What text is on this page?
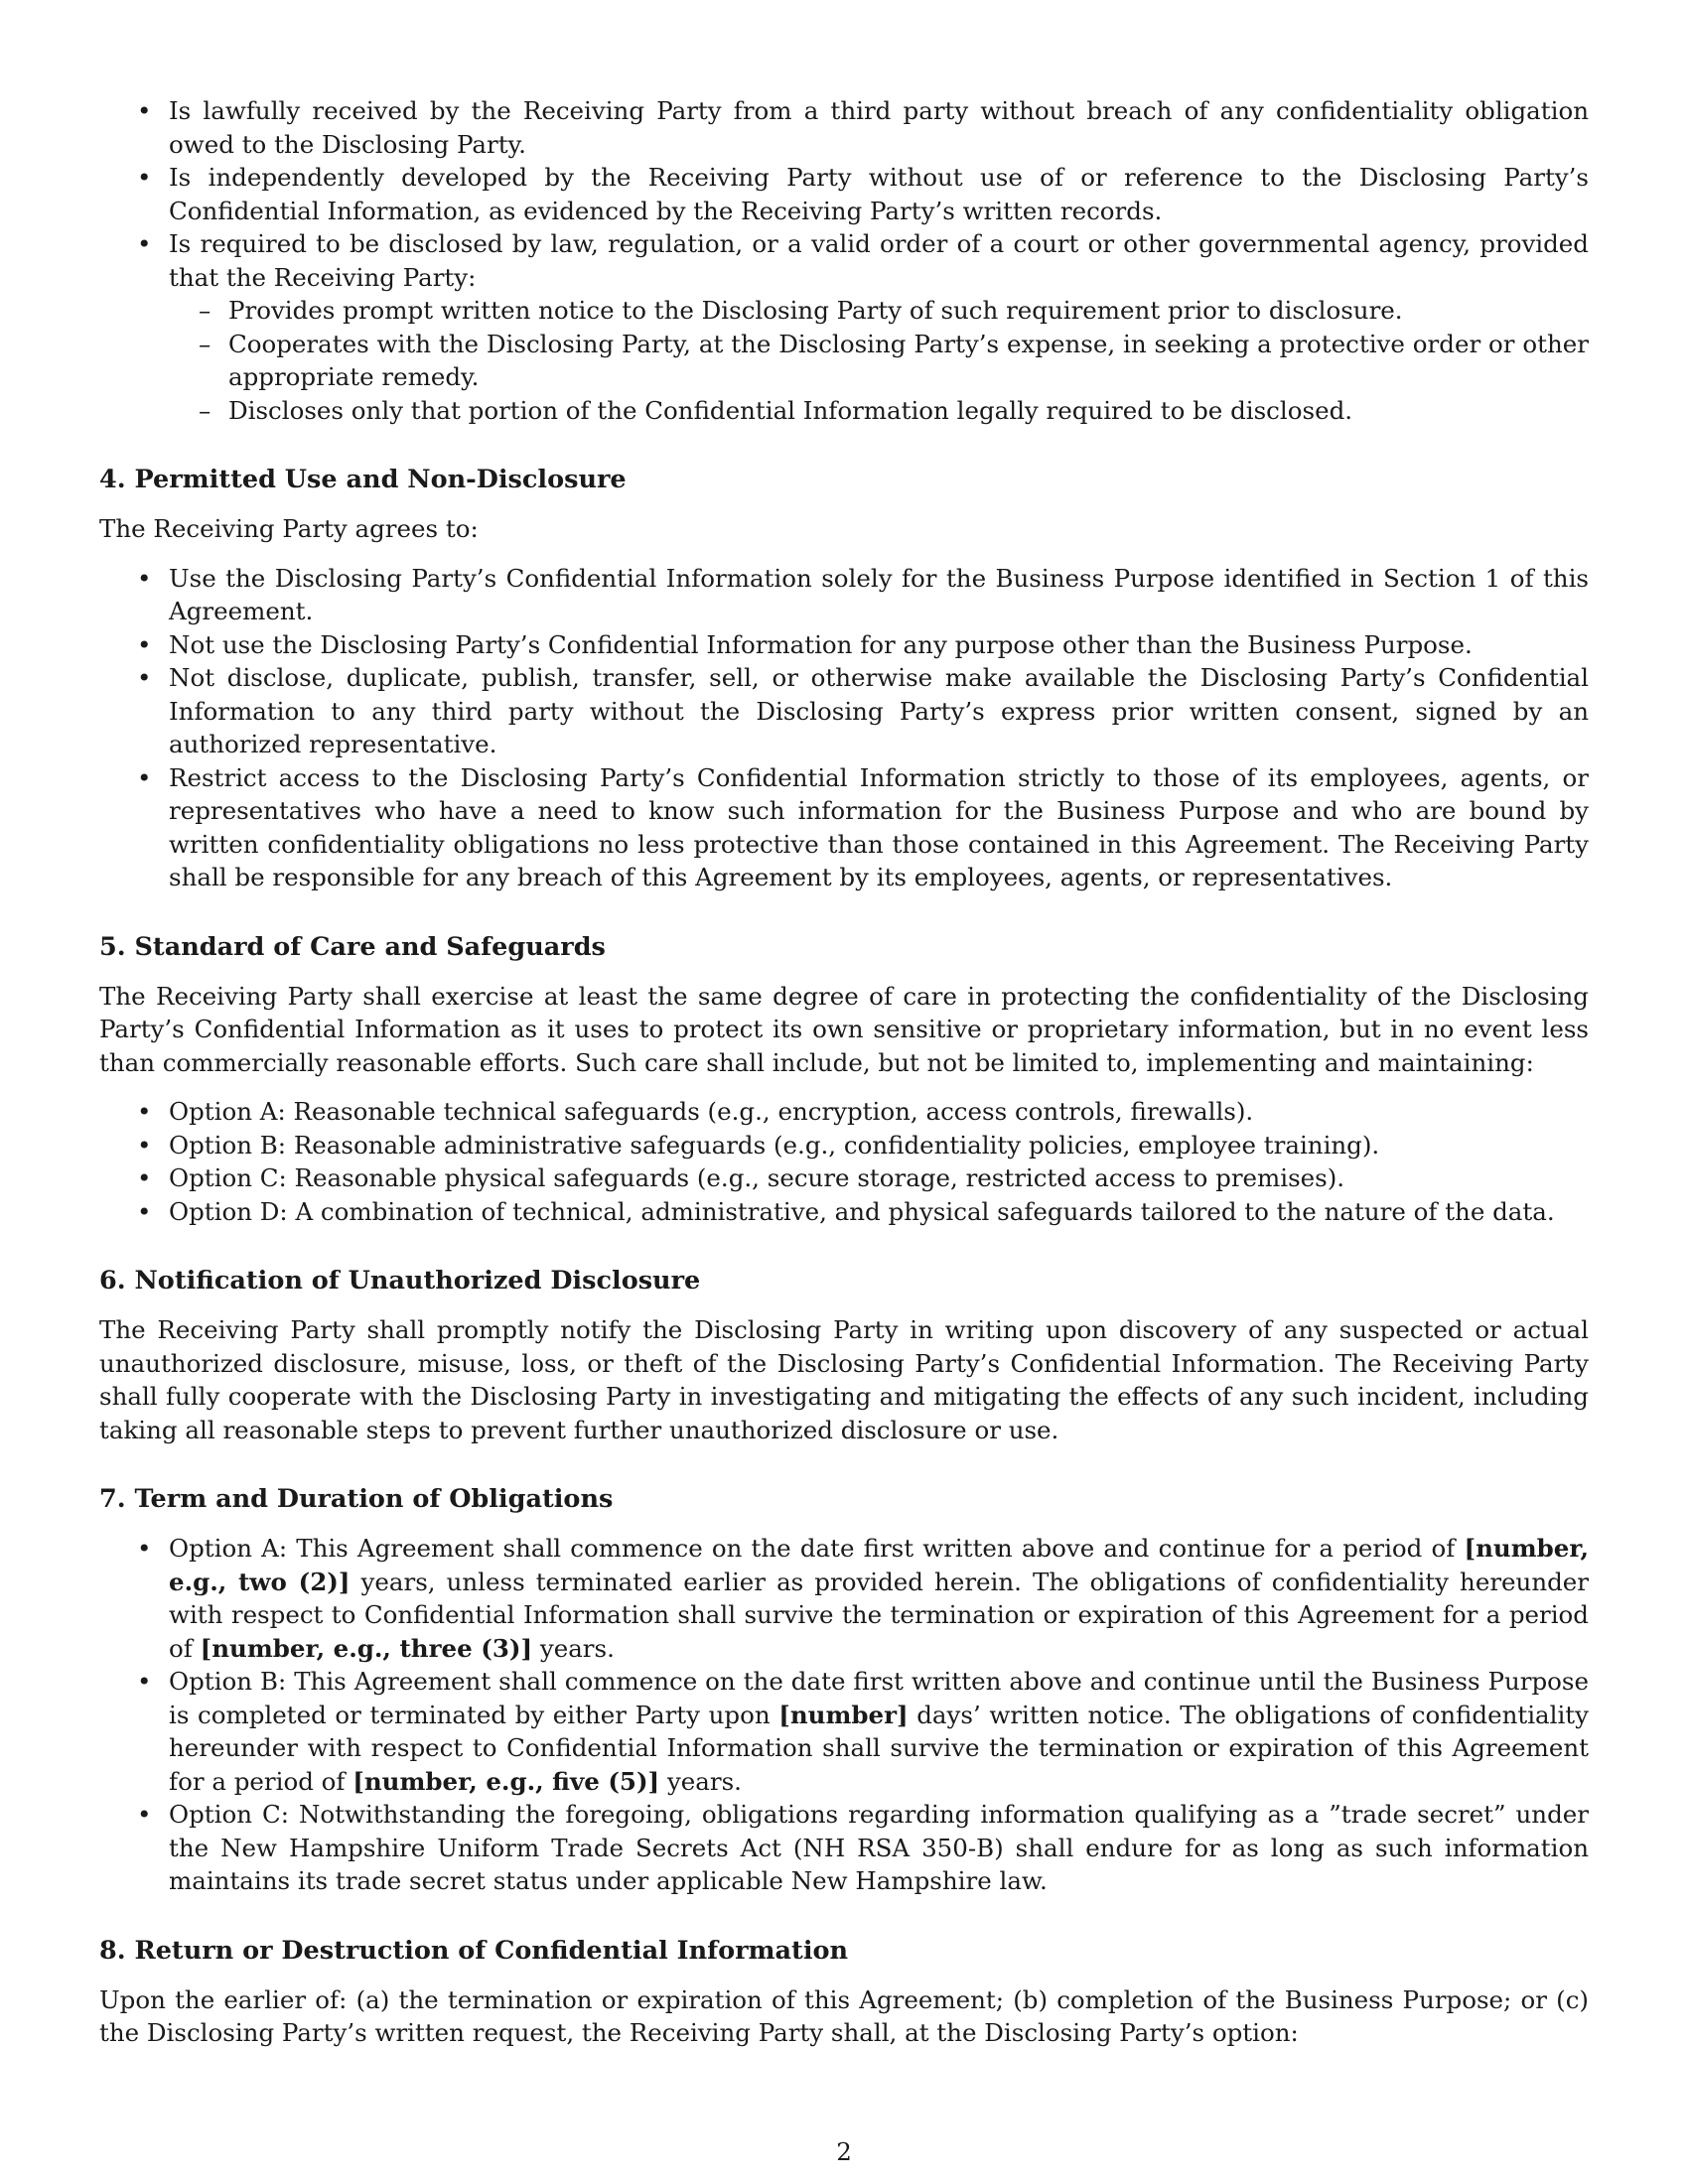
• Is lawfully received by the Receiving Party from a third party without breach of any confidentiality obligation owed to the Disclosing Party.
• Is independently developed by the Receiving Party without use of or reference to the Disclosing Party’s Confidential Information, as evidenced by the Receiving Party’s written records.
• Is required to be disclosed by law, regulation, or a valid order of a court or other governmental agency, provided that the Receiving Party:
– Provides prompt written notice to the Disclosing Party of such requirement prior to disclosure.
– Cooperates with the Disclosing Party, at the Disclosing Party’s expense, in seeking a protective order or other appropriate remedy.
– Discloses only that portion of the Confidential Information legally required to be disclosed.
4. Permitted Use and Non-Disclosure

The Receiving Party agrees to:

• Use the Disclosing Party’s Confidential Information solely for the Business Purpose identified in Section 1 of this Agreement.
• Not use the Disclosing Party’s Confidential Information for any purpose other than the Business Purpose.
• Not disclose, duplicate, publish, transfer, sell, or otherwise make available the Disclosing Party’s Confidential Information to any third party without the Disclosing Party’s express prior written consent, signed by an authorized representative.
• Restrict access to the Disclosing Party’s Confidential Information strictly to those of its employees, agents, or representatives who have a need to know such information for the Business Purpose and who are bound by written confidentiality obligations no less protective than those contained in this Agreement. The Receiving Party shall be responsible for any breach of this Agreement by its employees, agents, or representatives.
5. Standard of Care and Safeguards

The Receiving Party shall exercise at least the same degree of care in protecting the confidentiality of the Disclosing Party’s Confidential Information as it uses to protect its own sensitive or proprietary information, but in no event less than commercially reasonable efforts. Such care shall include, but not be limited to, implementing and maintaining:

• Option A: Reasonable technical safeguards (e.g., encryption, access controls, firewalls).
• Option B: Reasonable administrative safeguards (e.g., confidentiality policies, employee training).
• Option C: Reasonable physical safeguards (e.g., secure storage, restricted access to premises).
• Option D: A combination of technical, administrative, and physical safeguards tailored to the nature of the data.
6. Notification of Unauthorized Disclosure

The Receiving Party shall promptly notify the Disclosing Party in writing upon discovery of any suspected or actual unauthorized disclosure, misuse, loss, or theft of the Disclosing Party’s Confidential Information. The Receiving Party shall fully cooperate with the Disclosing Party in investigating and mitigating the effects of any such incident, including taking all reasonable steps to prevent further unauthorized disclosure or use.

7. Term and Duration of Obligations
• Option A: This Agreement shall commence on the date first written above and continue for a period of [number, e.g., two (2)] years, unless terminated earlier as provided herein. The obligations of confidentiality hereunder with respect to Confidential Information shall survive the termination or expiration of this Agreement for a period of [number, e.g., three (3)] years.
• Option B: This Agreement shall commence on the date first written above and continue until the Business Purpose is completed or terminated by either Party upon [number] days’ written notice. The obligations of confidentiality hereunder with respect to Confidential Information shall survive the termination or expiration of this Agreement for a period of [number, e.g., five (5)] years.
• Option C: Notwithstanding the foregoing, obligations regarding information qualifying as a ”trade secret” under the New Hampshire Uniform Trade Secrets Act (NH RSA 350-B) shall endure for as long as such information maintains its trade secret status under applicable New Hampshire law.
8. Return or Destruction of Confidential Information

Upon the earlier of: (a) the termination or expiration of this Agreement; (b) completion of the Business Purpose; or (c) the Disclosing Party’s written request, the Receiving Party shall, at the Disclosing Party’s option:

2
